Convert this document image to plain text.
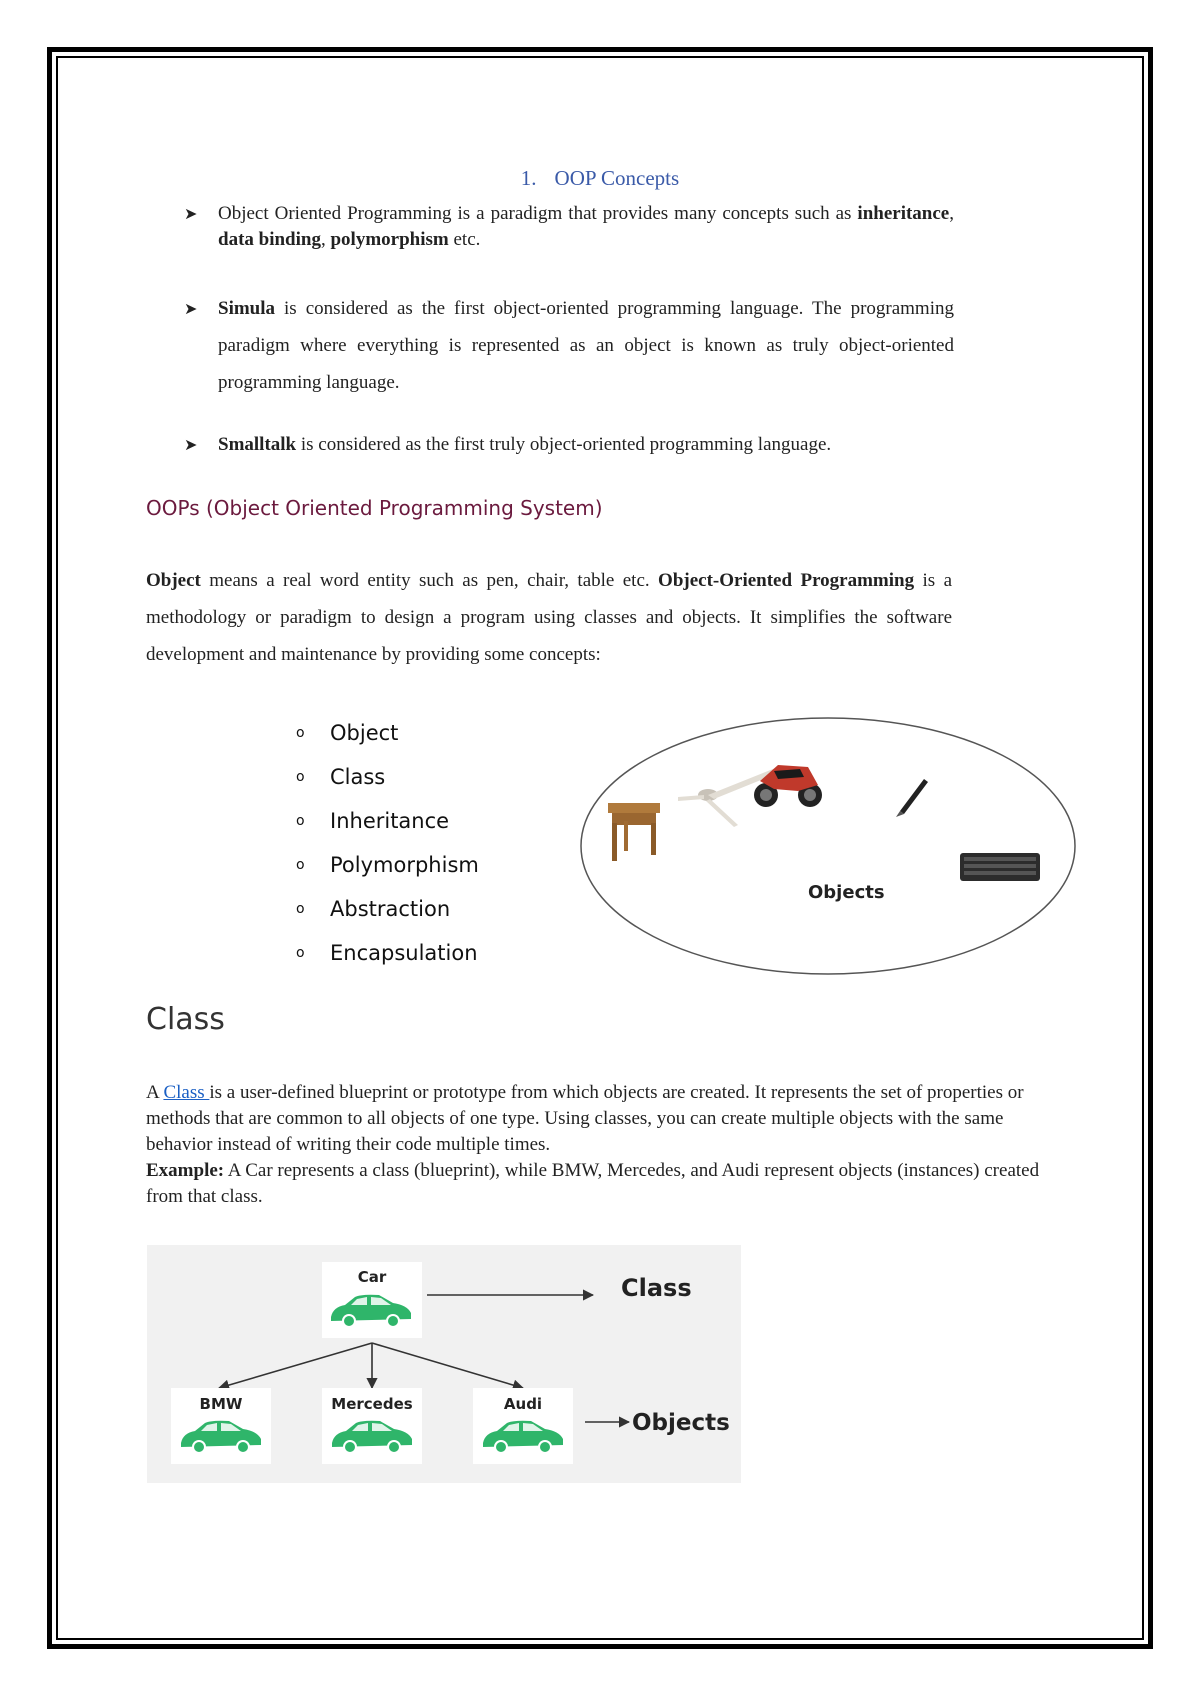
1. OOP Concepts
➤ Object Oriented Programming is a paradigm that provides many concepts such as inheritance, data binding, polymorphism etc.
➤ Simula is considered as the first object-oriented programming language. The programming paradigm where everything is represented as an object is known as truly object-oriented programming language.
➤ Smalltalk is considered as the first truly object-oriented programming language.
OOPs (Object Oriented Programming System)
Object means a real word entity such as pen, chair, table etc. Object-Oriented Programming is a methodology or paradigm to design a program using classes and objects. It simplifies the software development and maintenance by providing some concepts:
o	Object
o	Class
o	Inheritance
o	Polymorphism
o	Abstraction
o	Encapsulation
Objects
Class
A Class is a user-defined blueprint or prototype from which objects are created. It represents the set of properties or methods that are common to all objects of one type. Using classes, you can create multiple objects with the same behavior instead of writing their code multiple times.
Example: A Car represents a class (blueprint), while BMW, Mercedes, and Audi represent objects (instances) created from that class.
Car	Class
BMW	Mercedes	Audi
Objects
